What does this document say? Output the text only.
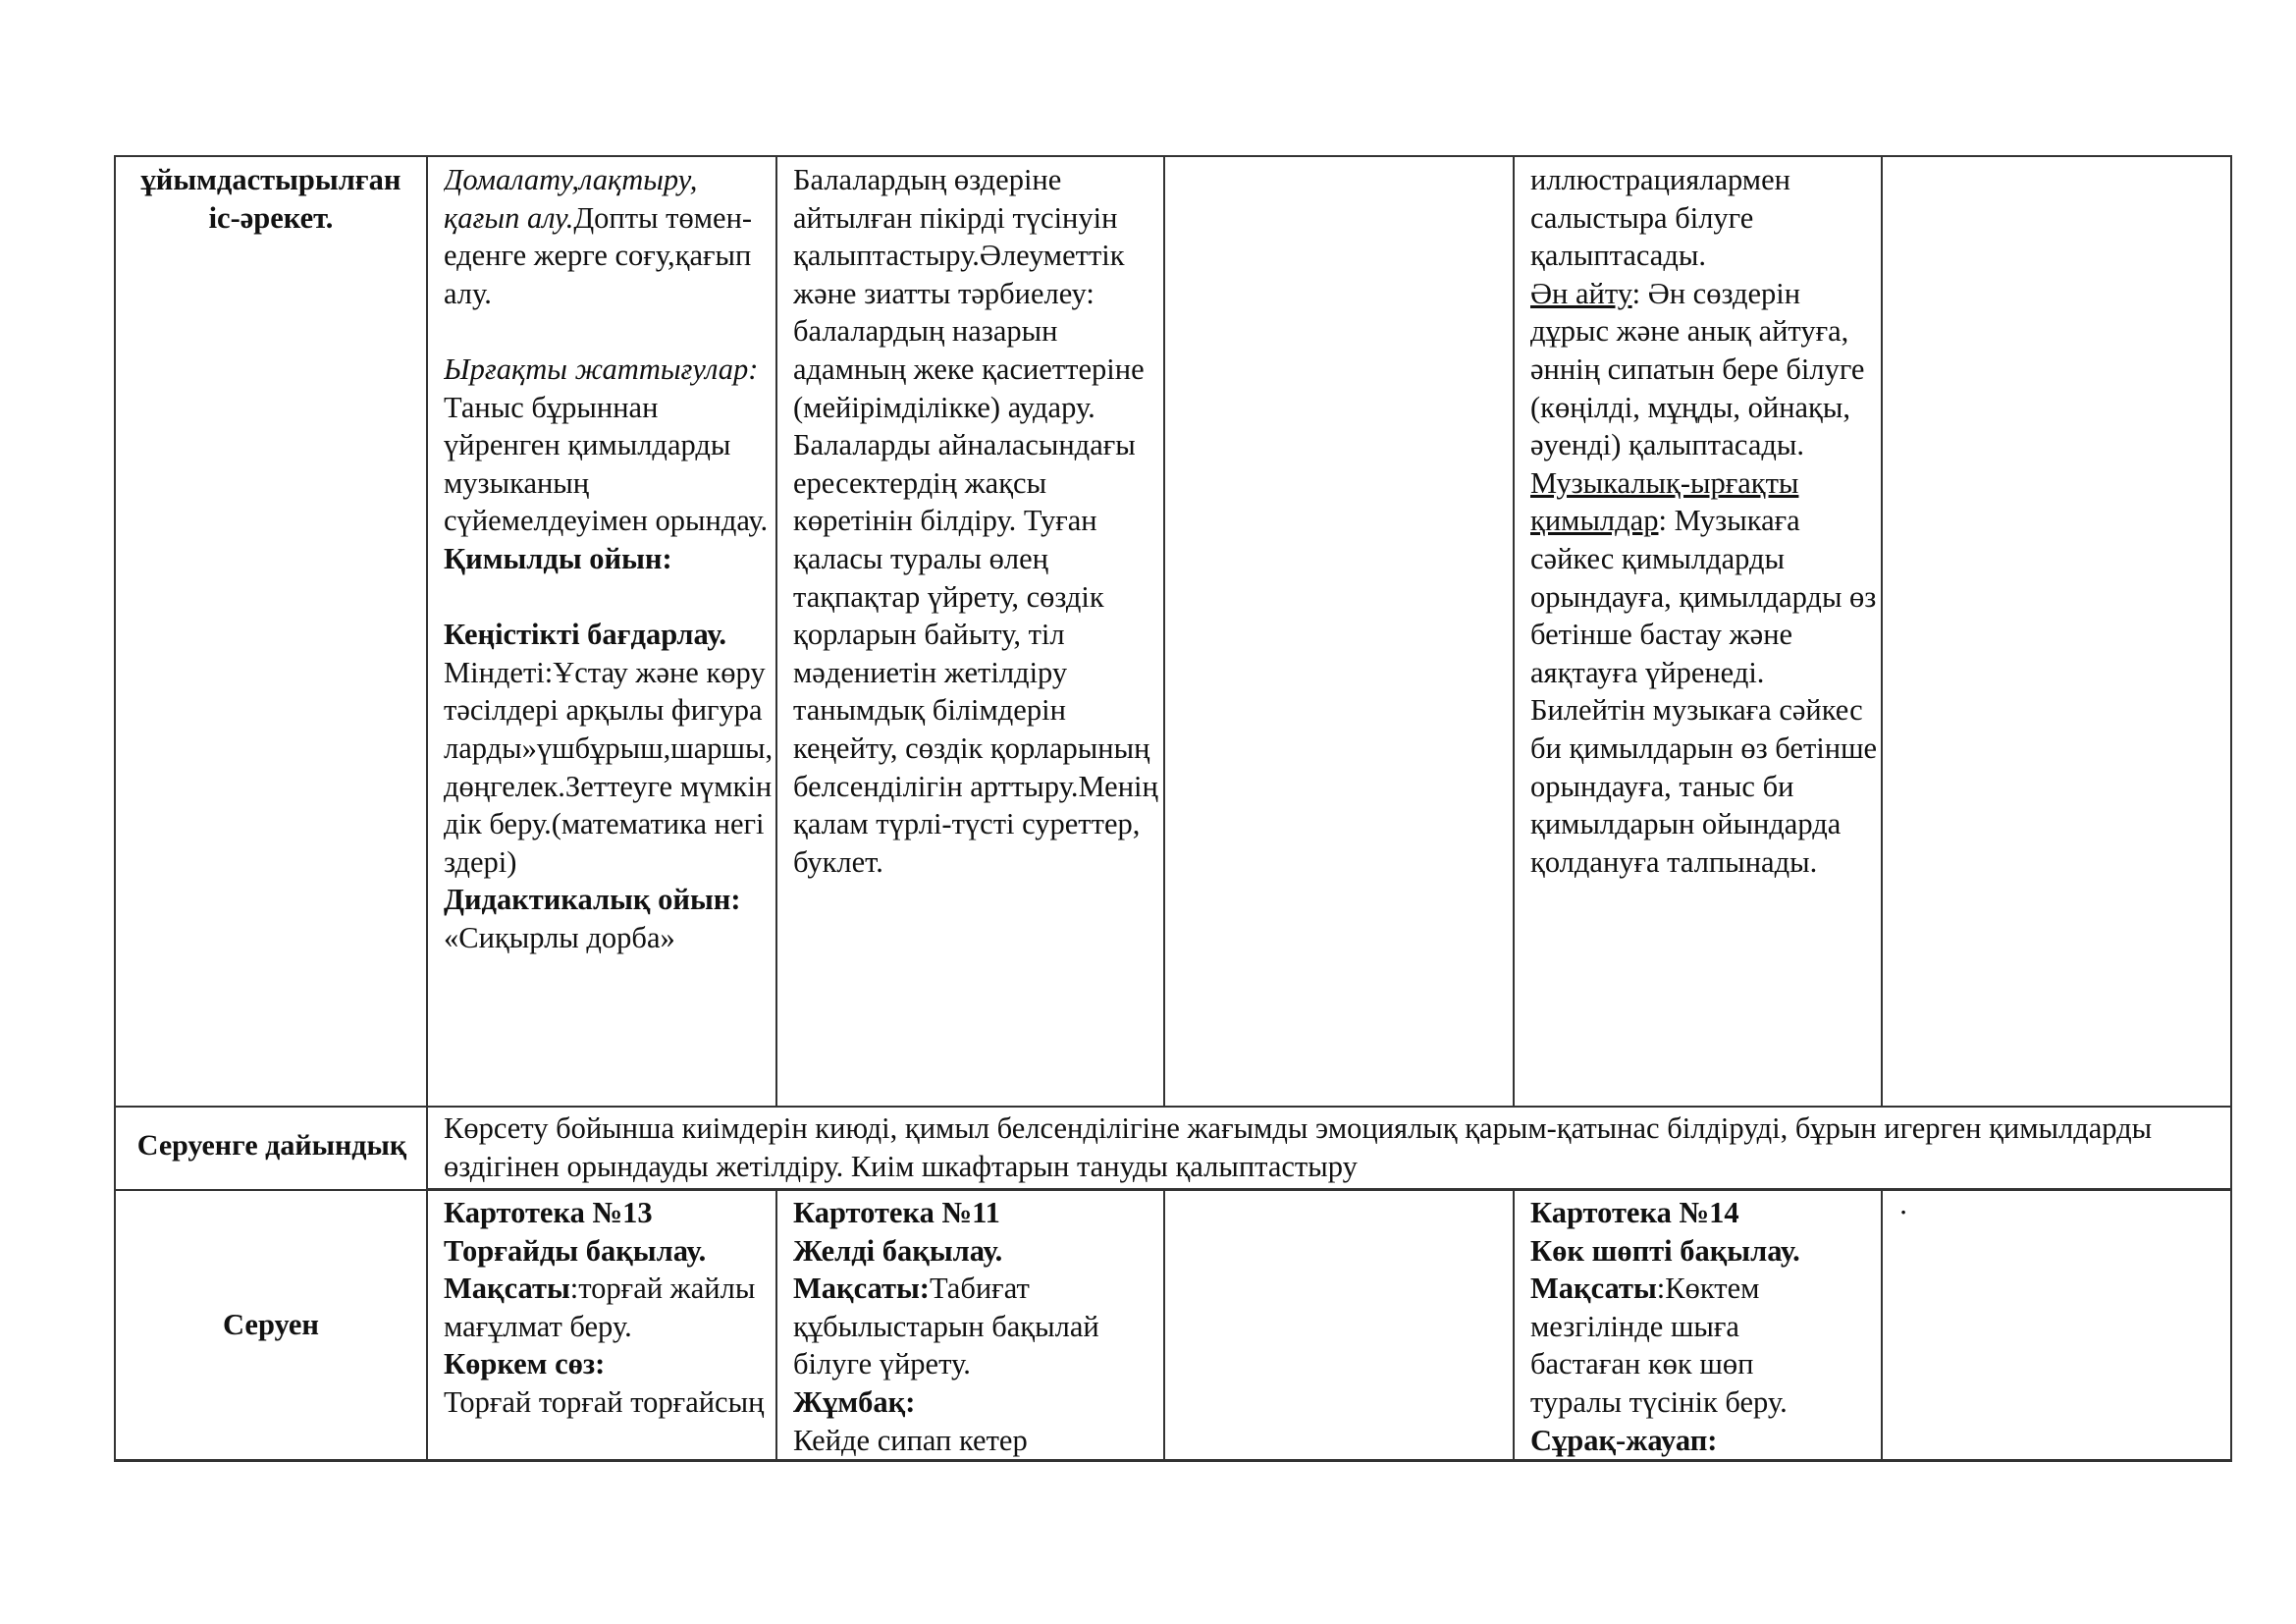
ұйымдастырылған

іс-әрекет.

Домалату,лақтыру, қағып алу.Допты төмен-еденге жерге соғу,қағып алу.

Ырғақты жаттығулар:

Таныс бұрыннан үйренген қимылдарды музыканың сүйемелдеуімен орындау.

Қимылды ойын:

Кеңістікті бағдарлау.

Міндеті:Ұстау және көру тәсілдері арқылы фигураларды»үшбұрыш,шаршы,дөңгелек.Зеттеуге мүмкіндік беру.(математика негіздері)

Дидактикалық ойын:

«Сиқырлы дорба»

Балалардың өздеріне айтылған пікірді түсінуін қалыптастыру.Әлеуметтік және зиатты тәрбиелеу: балалардың назарын адамның жеке қасиеттеріне (мейірімділікке) аудару. Балаларды айналасындағы ересектердің жақсы көретінін білдіру. Туған қаласы туралы өлең тақпақтар үйрету, сөздік қорларын байыту, тіл мәдениетін жетілдіру танымдық білімдерін кеңейту, сөздік қорларының белсенділігін арттыру.Менің қалам түрлі-түсті суреттер, буклет.

иллюстрациялармен салыстыра білуге қалыптасады.

Ән айту: Ән сөздерін дұрыс және анық айтуға, әннің сипатын бере білуге (көңілді, мұңды, ойнақы, әуенді) қалыптасады.

Музыкалық-ырғақты қимылдар: Музыкаға сәйкес қимылдарды орындауға, қимылдарды өз бетінше бастау және аяқтауға үйренеді. Билейтін музыкаға сәйкес би қимылдарын өз бетінше орындауға, таныс би қимылдарын ойындарда қолдануға талпынады.

Серуенге дайындық

Көрсету бойынша киімдерін киюді, қимыл белсенділігіне жағымды эмоциялық қарым-қатынас білдіруді, бұрын игерген қимылдарды өздігінен орындауды жетілдіру. Киім шкафтарын тануды қалыптастыру

Серуен

Картотека №13

Торғайды бақылау.

Мақсаты:торғай жайлы мағұлмат беру.

Көркем сөз:

Торғай торғай торғайсың

Картотека №11

Желді бақылау.

Мақсаты:Табиғат құбылыстарын бақылай білуге үйрету.

Жұмбақ:

Кейде сипап кетер

Картотека №14

Көк шөпті бақылау.

Мақсаты:Көктем мезгілінде шыға бастаған көк шөп туралы түсінік беру.

Сұрақ-жауап:

·
